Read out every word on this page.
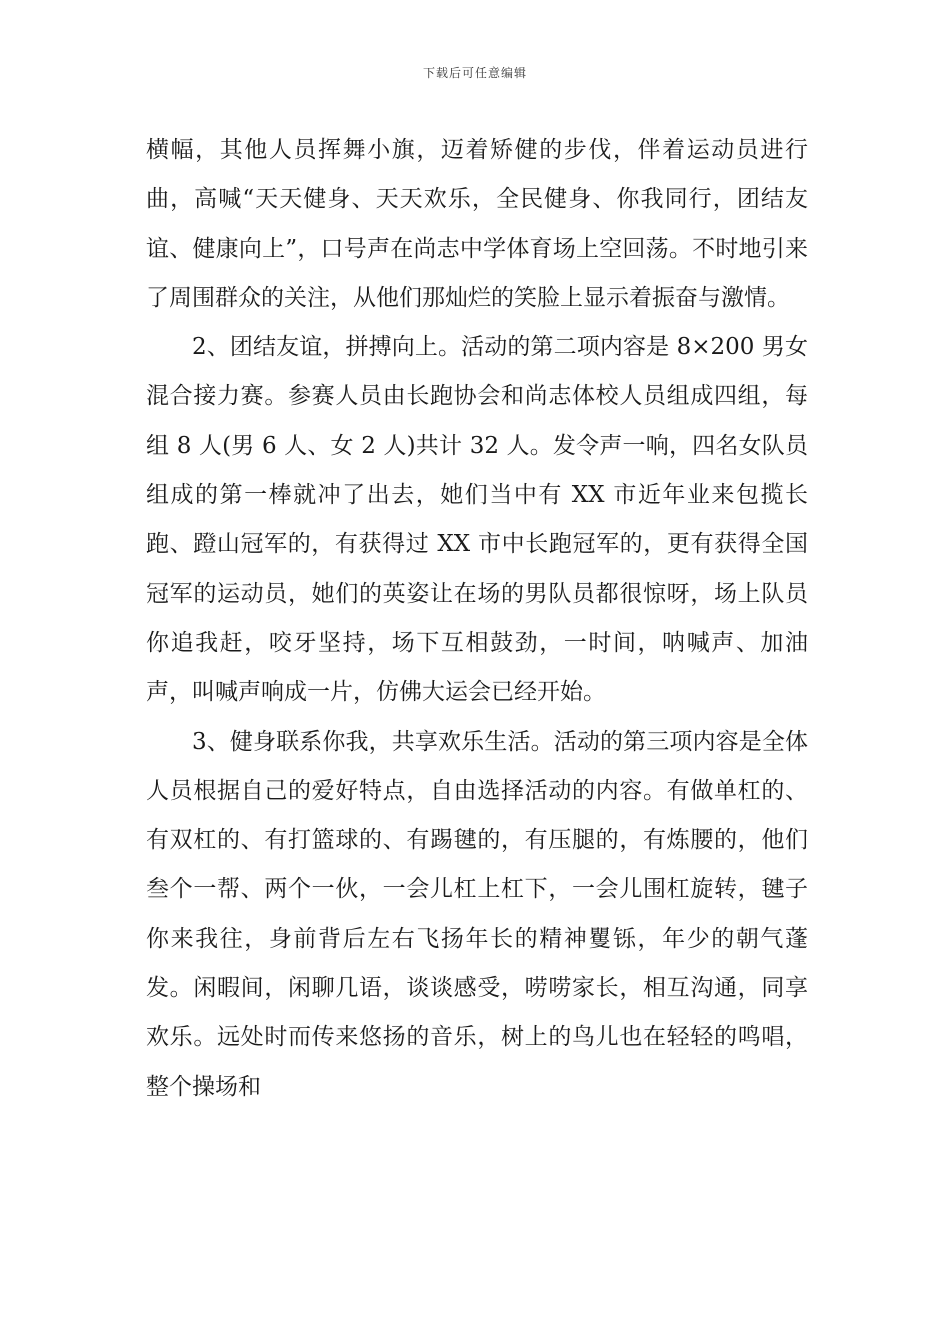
下载后可任意编辑

横幅，其他人员挥舞小旗，迈着矫健的步伐，伴着运动员进行曲，高喊“天天健身、天天欢乐，全民健身、你我同行，团结友谊、健康向上”，口号声在尚志中学体育场上空回荡。不时地引来了周围群众的关注，从他们那灿烂的笑脸上显示着振奋与激情。

2、团结友谊，拼搏向上。活动的第二项内容是 8×200 男女混合接力赛。参赛人员由长跑协会和尚志体校人员组成四组，每组 8 人(男 6 人、女 2 人)共计 32 人。发令声一响，四名女队员组成的第一棒就冲了出去，她们当中有 XX 市近年业来包揽长跑、蹬山冠军的，有获得过 XX 市中长跑冠军的，更有获得全国冠军的运动员，她们的英姿让在场的男队员都很惊呀，场上队员你追我赶，咬牙坚持，场下互相鼓劲，一时间，呐喊声、加油声，叫喊声响成一片，仿佛大运会已经开始。

3、健身联系你我，共享欢乐生活。活动的第三项内容是全体人员根据自己的爱好特点，自由选择活动的内容。有做单杠的、有双杠的、有打篮球的、有踢毽的，有压腿的，有炼腰的，他们叁个一帮、两个一伙，一会儿杠上杠下，一会儿围杠旋转，毽子你来我往，身前背后左右飞扬年长的精神矍铄，年少的朝气蓬发。闲暇间，闲聊几语，谈谈感受，唠唠家长，相互沟通，同享欢乐。远处时而传来悠扬的音乐，树上的鸟儿也在轻轻的鸣唱，整个操场和
